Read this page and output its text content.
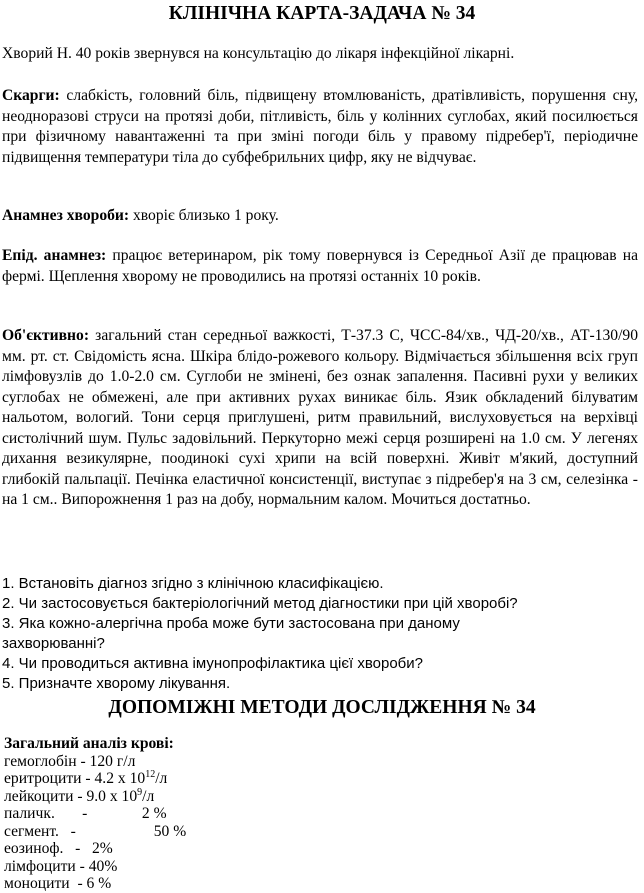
КЛІНІЧНА КАРТА-ЗАДАЧА № 34
Хворий Н. 40 років звернувся на консультацію до лікаря інфекційної лікарні.
Скарги: слабкість, головний біль, підвищену втомлюваність, дратівливість, порушення сну, неодноразові струси на протязі доби, пітливість, біль у колінних суглобах, який посилюється при фізичному навантаженні та при зміні погоди біль у правому підребер'ї, періодичне підвищення температури тіла до субфебрильних цифр, яку не відчуває.
Анамнез хвороби: хворіє близько 1 року.
Епід. анамнез: працює ветеринаром, рік тому повернувся із Середньої Азії де працював на фермі. Щеплення хворому не проводились на протязі останніх 10 років.
Об'єктивно: загальний стан середньої важкості, Т-37.3 С, ЧСС-84/хв., ЧД-20/хв., АТ-130/90 мм. рт. ст. Свідомість ясна. Шкіра блідо-рожевого кольору. Відмічається збільшення всіх груп лімфовузлів до 1.0-2.0 см. Суглоби не змінені, без ознак запалення. Пасивні рухи у великих суглобах не обмежені, але при активних рухах виникає біль. Язик обкладений білуватим нальотом, вологий. Тони серця приглушені, ритм правильний, вислуховується на верхівці систолічний шум. Пульс задовільний. Перкуторно межі серця розширені на 1.0 см. У легенях дихання везикулярне, поодинокі сухі хрипи на всій поверхні. Живіт м'який, доступний глибокій пальпації. Печінка еластичної консистенції, виступає з підребер'я на 3 см, селезінка - на 1 см.. Випорожнення 1 раз на добу, нормальним калом. Мочиться достатньо.
1. Встановіть діагноз згідно з клінічною класифікацією.
2. Чи застосовується бактеріологічний метод діагностики при цій хворобі?
3. Яка кожно-алергічна проба може бути застосована при даному
захворюванні?
4. Чи проводиться активна імунопрофілактика цієї хвороби?
5. Призначте хворому лікування.
ДОПОМІЖНІ МЕТОДИ ДОСЛІДЖЕННЯ № 34
Загальний аналіз крові:
гемоглобін - 120 г/л
еритроцити - 4.2 х $10^{12}/л$
лейкоцити - 9.0 х $10^9/л$
паличк.       -              2 %
сегмент.   -                    50 %
еозиноф.   -   2%
лімфоцити - 40%
моноцити  - 6 %
